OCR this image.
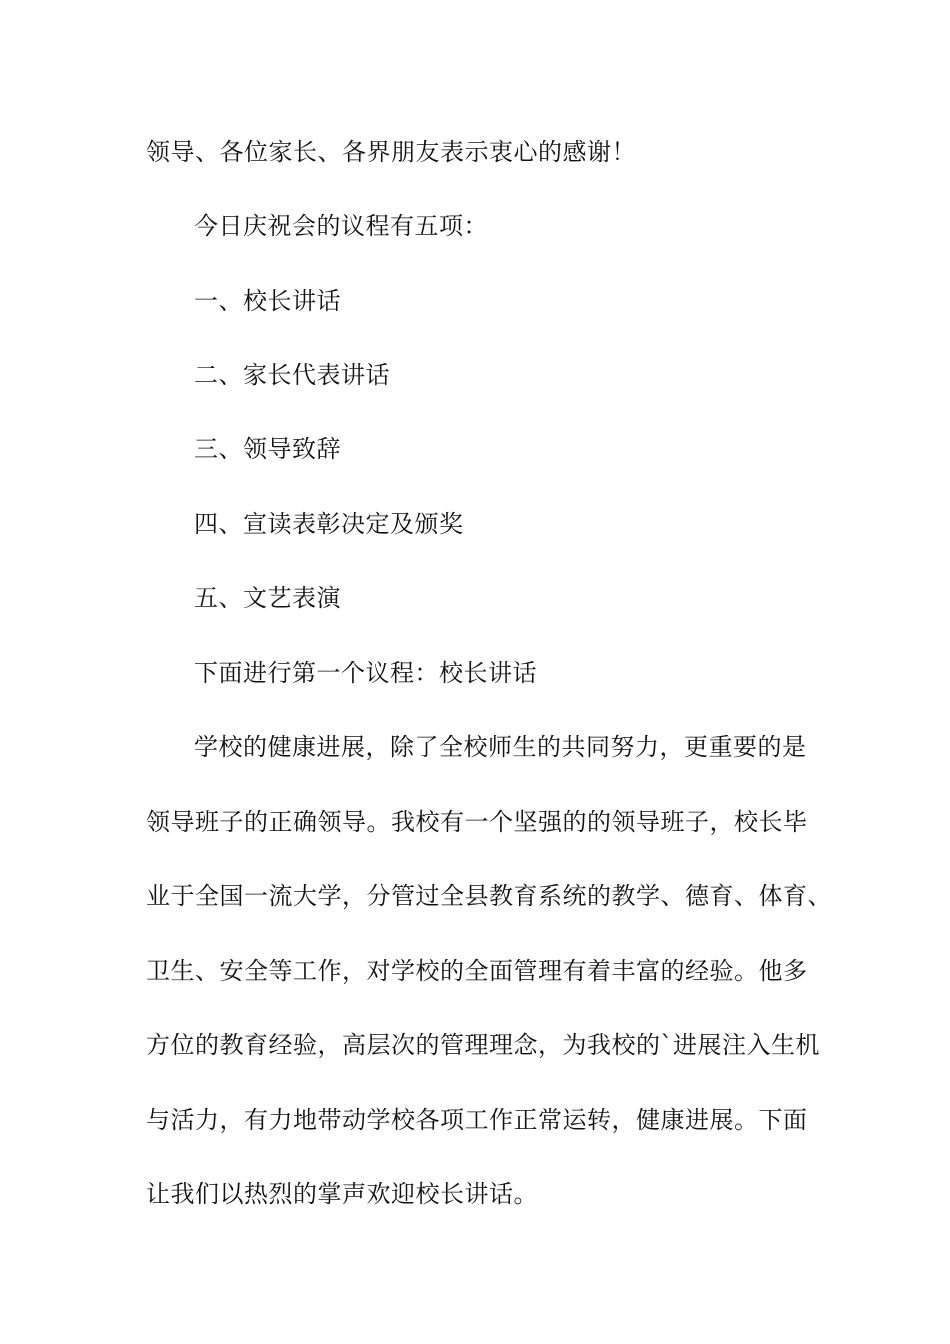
领导、各位家长、各界朋友表示衷心的感谢！
今日庆祝会的议程有五项：
一、校长讲话
二、家长代表讲话
三、领导致辞
四、宣读表彰决定及颁奖
五、文艺表演
下面进行第一个议程：校长讲话
学校的健康进展，除了全校师生的共同努力，更重要的是
领导班子的正确领导。我校有一个坚强的的领导班子，校长毕
业于全国一流大学，分管过全县教育系统的教学、德育、体育、
卫生、安全等工作，对学校的全面管理有着丰富的经验。他多
方位的教育经验，高层次的管理理念，为我校的`进展注入生机
与活力，有力地带动学校各项工作正常运转，健康进展。下面
让我们以热烈的掌声欢迎校长讲话。
